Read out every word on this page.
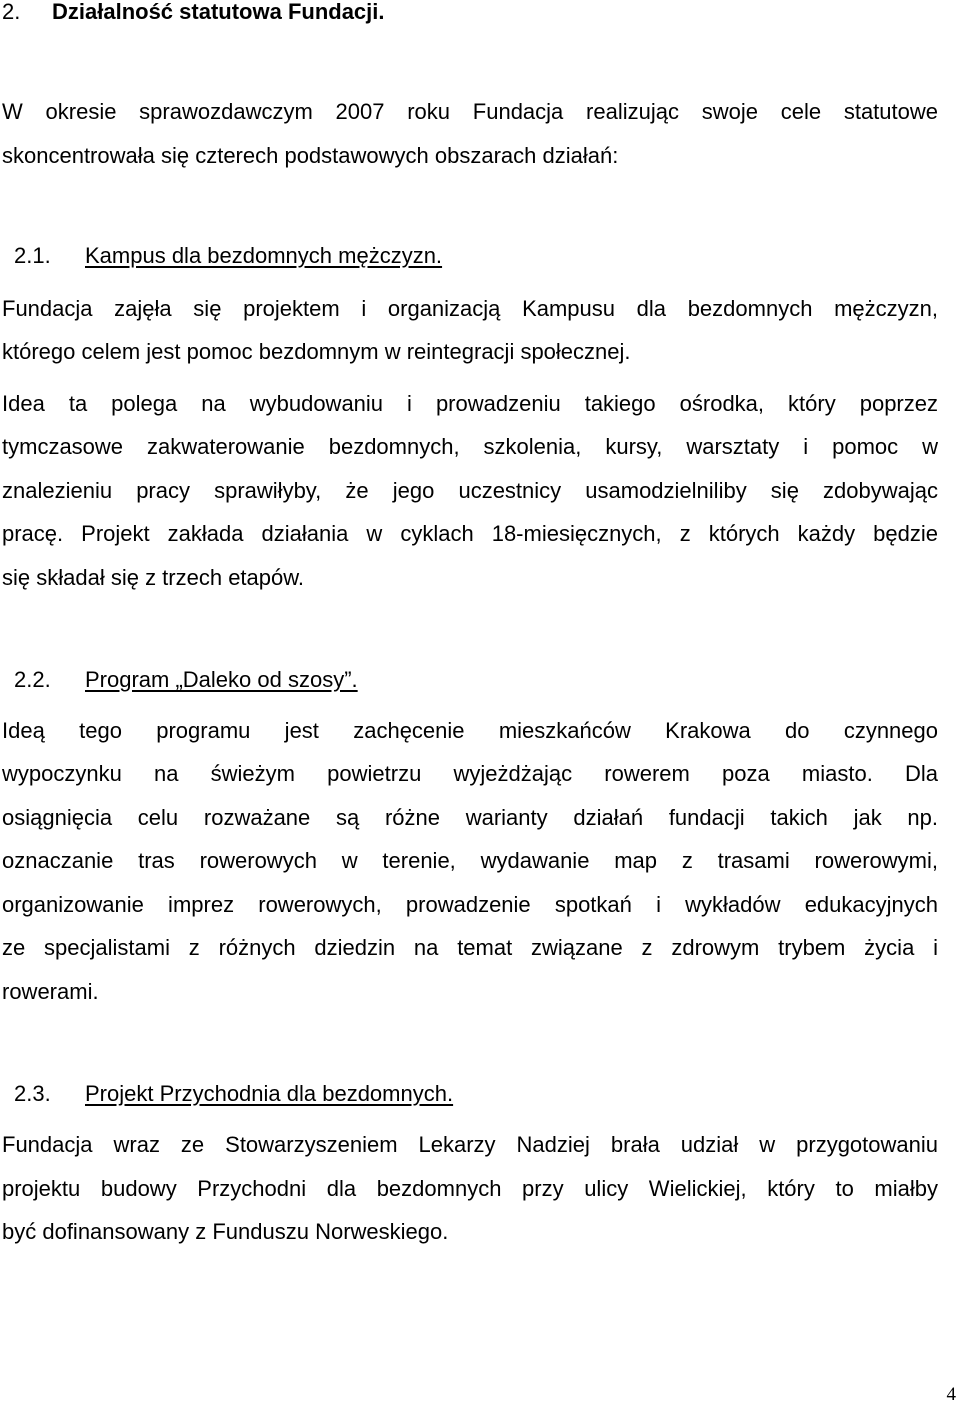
2. Działalność statutowa Fundacji.
W okresie sprawozdawczym 2007 roku Fundacja realizując swoje cele statutowe
skoncentrowała się czterech podstawowych obszarach działań:
2.1. Kampus dla bezdomnych mężczyzn.
Fundacja zajęła się projektem i organizacją Kampusu dla bezdomnych mężczyzn,
którego celem jest pomoc bezdomnym w reintegracji społecznej.
Idea ta polega na wybudowaniu i prowadzeniu takiego ośrodka, który poprzez
tymczasowe zakwaterowanie bezdomnych, szkolenia, kursy, warsztaty i pomoc w
znalezieniu pracy sprawiłyby, że jego uczestnicy usamodzielniliby się zdobywając
pracę. Projekt zakłada działania w cyklach 18-miesięcznych, z których każdy będzie
się składał się z trzech etapów.
2.2. Program „Daleko od szosy”.
Ideą tego programu jest zachęcenie mieszkańców Krakowa do czynnego
wypoczynku na świeżym powietrzu wyjeżdżając rowerem poza miasto. Dla
osiągnięcia celu rozważane są różne warianty działań fundacji takich jak np.
oznaczanie tras rowerowych w terenie, wydawanie map z trasami rowerowymi,
organizowanie imprez rowerowych, prowadzenie spotkań i wykładów edukacyjnych
ze specjalistami z różnych dziedzin na temat związane z zdrowym trybem życia i
rowerami.
2.3. Projekt Przychodnia dla bezdomnych.
Fundacja wraz ze Stowarzyszeniem Lekarzy Nadziej brała udział w przygotowaniu
projektu budowy Przychodni dla bezdomnych przy ulicy Wielickiej, który to miałby
być dofinansowany z Funduszu Norweskiego.
4
